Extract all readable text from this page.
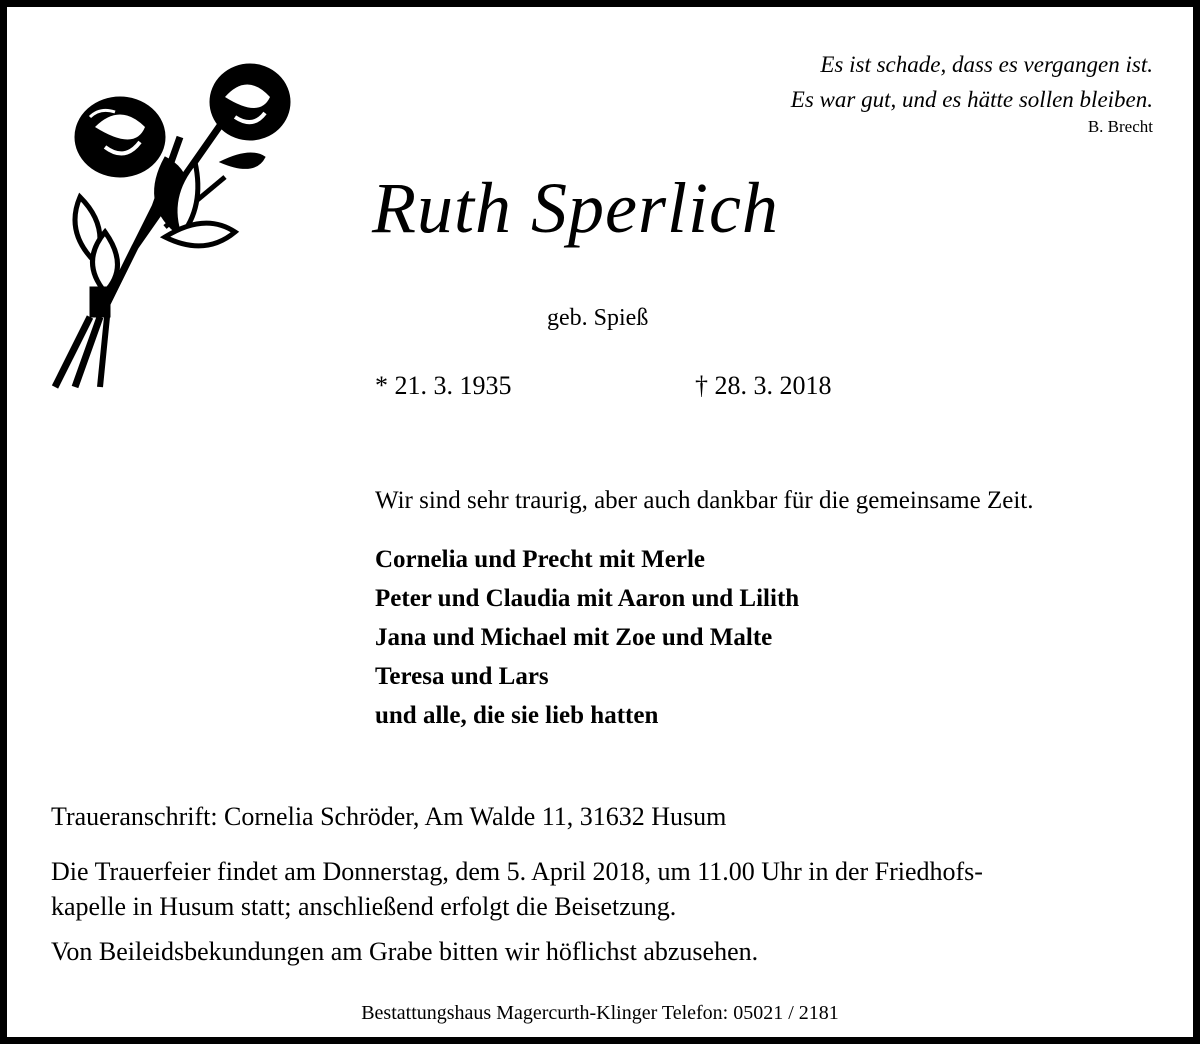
Es ist schade, dass es vergangen ist.
Es war gut, und es hätte sollen bleiben.
B. Brecht
Ruth Sperlich
geb. Spieß
* 21. 3. 1935	† 28. 3. 2018
Wir sind sehr traurig, aber auch dankbar für die gemeinsame Zeit.
Cornelia und Precht mit Merle
Peter und Claudia mit Aaron und Lilith
Jana und Michael mit Zoe und Malte
Teresa und Lars
und alle, die sie lieb hatten
Traueranschrift: Cornelia Schröder, Am Walde 11, 31632 Husum
Die Trauerfeier findet am Donnerstag, dem 5. April 2018, um 11.00 Uhr in der Friedhofs-
kapelle in Husum statt; anschließend erfolgt die Beisetzung.
Von Beileidsbekundungen am Grabe bitten wir höflichst abzusehen.
Bestattungshaus Magercurth-Klinger Telefon: 05021 / 2181
